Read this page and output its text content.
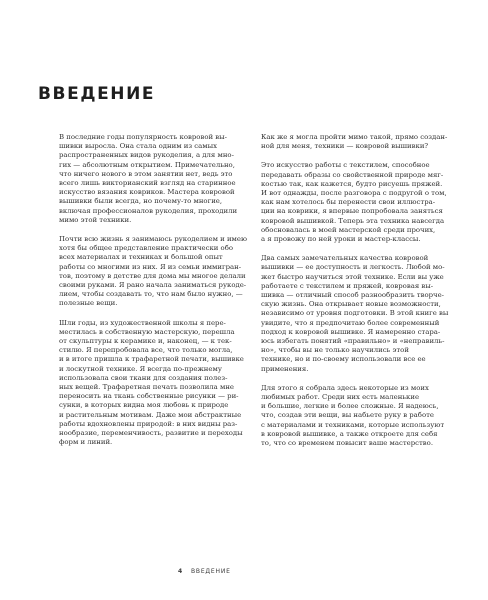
ВВЕДЕНИЕ

В последние годы популярность ковровой вы-
шивки выросла. Она стала одним из самых
распространенных видов рукоделия, а для мно-
гих — абсолютным открытием. Примечательно,
что ничего нового в этом занятии нет, ведь это
всего лишь викторианский взгляд на старинное
искусство вязания ковриков. Мастера ковровой
вышивки были всегда, но почему-то многие,
включая профессионалов рукоделия, проходили
мимо этой техники.

Почти всю жизнь я занимаюсь рукоделием и имею
хотя бы общее представление практически обо
всех материалах и техниках и большой опыт
работы со многими из них. Я из семьи иммигран-
тов, поэтому в детстве для дома мы многое делали
своими руками. Я рано начала заниматься рукоде-
лием, чтобы создавать то, что нам было нужно, —
полезные вещи.

Шли годы, из художественной школы я пере-
местилась в собственную мастерскую, перешла
от скульптуры к керамике и, наконец, — к тек-
стилю. Я перепробовала все, что только могла,
и в итоге пришла к трафаретной печати, вышивке
и лоскутной технике. Я всегда по-прежнему
использовала свои ткани для создания полез-
ных вещей. Трафаретная печать позволила мне
переносить на ткань собственные рисунки — ри-
сунки, в которых видна моя любовь к природе
и растительным мотивам. Даже мои абстрактные
работы вдохновлены природой: в них видны раз-
нообразие, переменчивость, развитие и переходы
форм и линий.

Как же я могла пройти мимо такой, прямо создан-
ной для меня, техники — ковровой вышивки?

Это искусство работы с текстилем, способное
передавать образы со свойственной природе мяг-
костью так, как кажется, будто рисуешь пряжей.
И вот однажды, после разговора с подругой о том,
как нам хотелось бы перенести свои иллюстра-
ции на коврики, я впервые попробовала заняться
ковровой вышивкой. Теперь эта техника навсегда
обосновалась в моей мастерской среди прочих,
а я провожу по ней уроки и мастер-классы.

Два самых замечательных качества ковровой
вышивки — ее доступность и легкость. Любой мо-
жет быстро научиться этой технике. Если вы уже
работаете с текстилем и пряжей, ковровая вы-
шивка — отличный способ разнообразить творче-
скую жизнь. Она открывает новые возможности,
независимо от уровня подготовки. В этой книге вы
увидите, что я предпочитаю более современный
подход к ковровой вышивке. Я намеренно стара-
юсь избегать понятий «правильно» и «неправиль-
но», чтобы вы не только научились этой
технике, но и по-своему использовали все ее
применения.

Для этого я собрала здесь некоторые из моих
любимых работ. Среди них есть маленькие
и большие, легкие и более сложные. Я надеюсь,
что, создав эти вещи, вы набьете руку в работе
с материалами и техниками, которые используют
в ковровой вышивке, а также откроете для себя
то, что со временем повысит ваше мастерство.

4 ВВЕДЕНИЕ
